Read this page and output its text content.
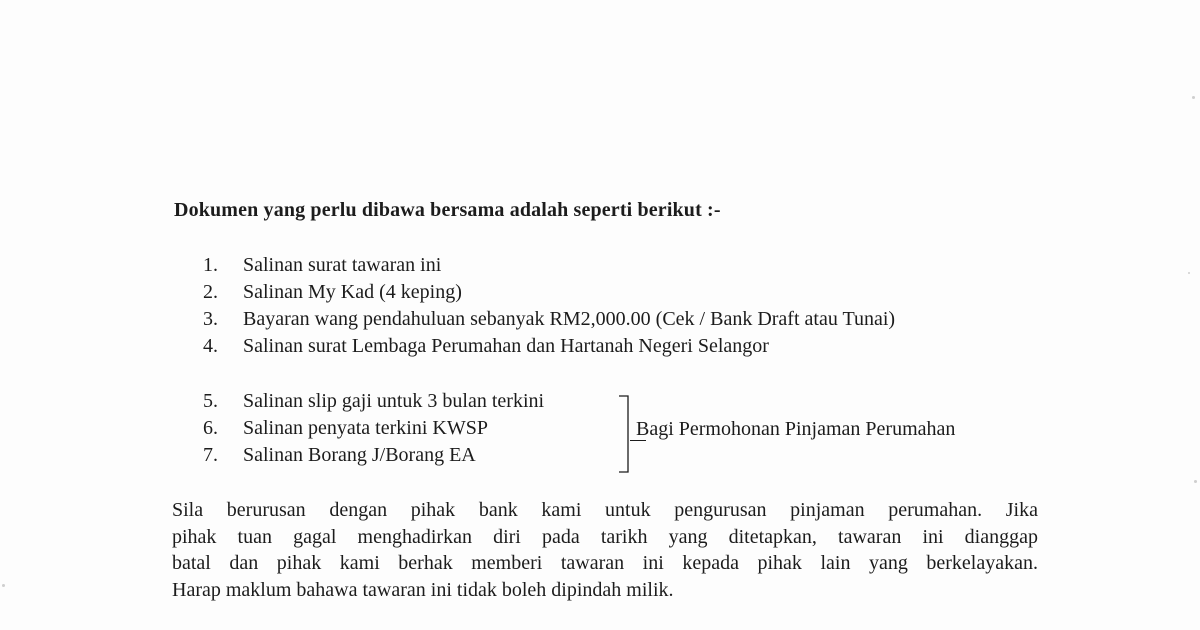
Dokumen yang perlu dibawa bersama adalah seperti berikut :-
1. Salinan surat tawaran ini
2. Salinan My Kad (4 keping)
3. Bayaran wang pendahuluan sebanyak RM2,000.00 (Cek / Bank Draft atau Tunai)
4. Salinan surat Lembaga Perumahan dan Hartanah Negeri Selangor
5. Salinan slip gaji untuk 3 bulan terkini
6. Salinan penyata terkini KWSP
7. Salinan Borang J/Borang EA
Bagi Permohonan Pinjaman Perumahan
Sila berurusan dengan pihak bank kami untuk pengurusan pinjaman perumahan. Jika
pihak tuan gagal menghadirkan diri pada tarikh yang ditetapkan, tawaran ini dianggap
batal dan pihak kami berhak memberi tawaran ini kepada pihak lain yang berkelayakan.
Harap maklum bahawa tawaran ini tidak boleh dipindah milik.
